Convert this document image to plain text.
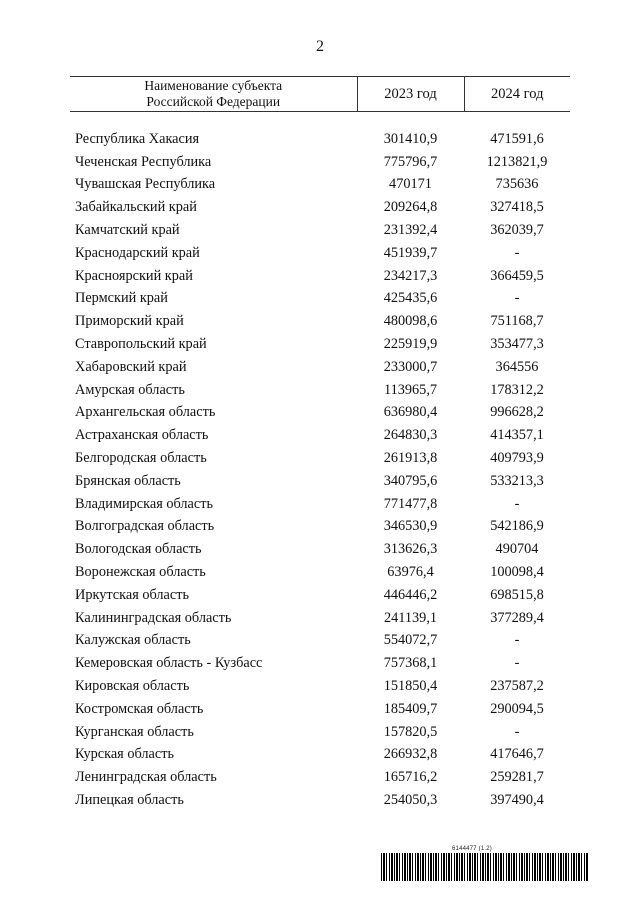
2
Наименование субъекта
Российской Федерации	2023 год	2024 год

Республика Хакасия	301410,9	471591,6
Чеченская Республика	775796,7	1213821,9
Чувашская Республика	470171	735636
Забайкальский край	209264,8	327418,5
Камчатский край	231392,4	362039,7
Краснодарский край	451939,7	-
Красноярский край	234217,3	366459,5
Пермский край	425435,6	-
Приморский край	480098,6	751168,7
Ставропольский край	225919,9	353477,3
Хабаровский край	233000,7	364556
Амурская область	113965,7	178312,2
Архангельская область	636980,4	996628,2
Астраханская область	264830,3	414357,1
Белгородская область	261913,8	409793,9
Брянская область	340795,6	533213,3
Владимирская область	771477,8	-
Волгоградская область	346530,9	542186,9
Вологодская область	313626,3	490704
Воронежская область	63976,4	100098,4
Иркутская область	446446,2	698515,8
Калининградская область	241139,1	377289,4
Калужская область	554072,7	-
Кемеровская область - Кузбасс	757368,1	-
Кировская область	151850,4	237587,2
Костромская область	185409,7	290094,5
Курганская область	157820,5	-
Курская область	266932,8	417646,7
Ленинградская область	165716,2	259281,7
Липецкая область	254050,3	397490,4
6144477 (1.2)
